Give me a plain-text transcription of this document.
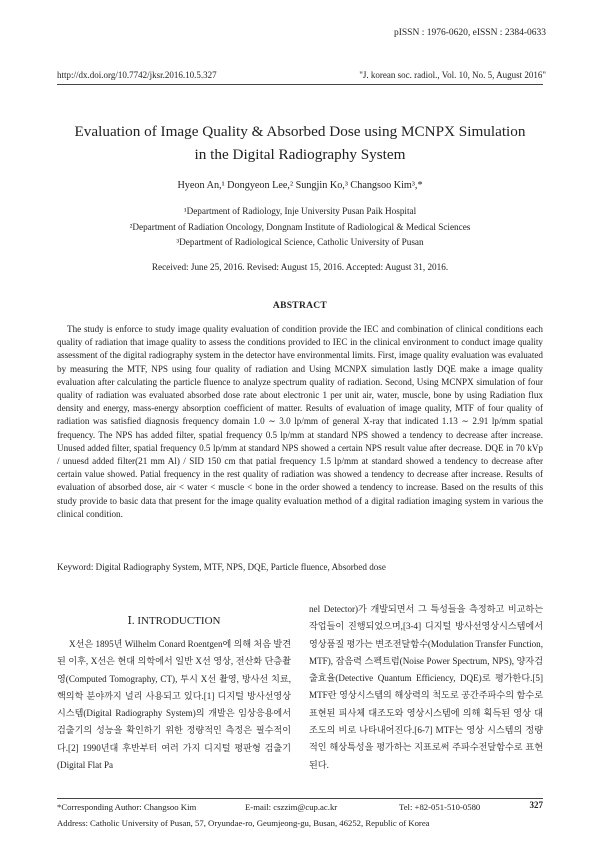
pISSN : 1976-0620, eISSN : 2384-0633
http://dx.doi.org/10.7742/jksr.2016.10.5.327	"J. korean soc. radiol., Vol. 10, No. 5, August 2016"
Evaluation of Image Quality & Absorbed Dose using MCNPX Simulation
in the Digital Radiography System
Hyeon An,¹ Dongyeon Lee,² Sungjin Ko,³ Changsoo Kim³,*
¹Department of Radiology, Inje University Pusan Paik Hospital
²Department of Radiation Oncology, Dongnam Institute of Radiological & Medical Sciences
³Department of Radiological Science, Catholic University of Pusan
Received: June 25, 2016. Revised: August 15, 2016. Accepted: August 31, 2016.
ABSTRACT

The study is enforce to study image quality evaluation of condition provide the IEC and combination of clinical conditions each quality of radiation that image quality to assess the conditions provided to IEC in the clinical environment to conduct image quality assessment of the digital radiography system in the detector have environmental limits. First, image quality evaluation was evaluated by measuring the MTF, NPS using four quality of radiation and Using MCNPX simulation lastly DQE make a image quality evaluation after calculating the particle fluence to analyze spectrum quality of radiation. Second, Using MCNPX simulation of four quality of radiation was evaluated absorbed dose rate about electronic 1 per unit air, water, muscle, bone by using Radiation flux density and energy, mass-energy absorption coefficient of matter. Results of evaluation of image quality, MTF of four quality of radiation was satisfied diagnosis frequency domain 1.0 ∼ 3.0 lp/mm of general X-ray that indicated 1.13 ∼ 2.91 lp/mm spatial frequency. The NPS has added filter, spatial frequency 0.5 lp/mm at standard NPS showed a tendency to decrease after increase. Unused added filter, spatial frequency 0.5 lp/mm at standard NPS showed a certain NPS result value after decrease. DQE in 70 kVp / unuesd added filter(21 mm Al) / SID 150 cm that patial frequency 1.5 lp/mm at standard showed a tendency to decrease after certain value showed. Patial frequency in the rest quality of radiation was showed a tendency to decrease after increase. Results of evaluation of absorbed dose, air < water < muscle < bone in the order showed a tendency to increase. Based on the results of this study provide to basic data that present for the image quality evaluation method of a digital radiation imaging system in various the clinical condition.

Keyword: Digital Radiography System, MTF, NPS, DQE, Particle fluence, Absorbed dose
Ⅰ. INTRODUCTION

X선은 1895년 Wilhelm Conard Roentgen에 의해 처음 발견된 이후, X선은 현대 의학에서 일반 X선 영상, 전산화 단층촬영(Computed Tomography, CT), 투시 X선 촬영, 방사선 치료, 핵의학 분야까지 널리 사용되고 있다.[1] 디지털 방사선영상시스템(Digital Radiography System)의 개발은 임상응용에서 검출기의 성능을 확인하기 위한 정량적인 측정은 필수적이다.[2] 1990년대 후반부터 여러 가지 디지털 평판형 검출기(Digital Flat Pa

nel Detector)가 개발되면서 그 특성들을 측정하고 비교하는 작업들이 진행되었으며,[3-4] 디지털 방사선영상시스템에서 영상품질 평가는 변조전달함수(Modulation Transfer Function, MTF), 잡음력 스펙트럼(Noise Power Spectrum, NPS), 양자검출효율(Detective Quantum Efficiency, DQE)로 평가한다.[5] MTF란 영상시스템의 해상력의 척도로 공간주파수의 함수로 표현된 피사체 대조도와 영상시스템에 의해 획득된 영상 대조도의 비로 나타내어진다.[6-7] MTF는 영상 시스템의 정량적인 해상특성을 평가하는 지표로써 주파수전달함수로 표현된다.

327
*Corresponding Author: Changsoo Kim	E-mail: cszzim@cup.ac.kr	Tel: +82-051-510-0580
Address: Catholic University of Pusan, 57, Oryundae-ro, Geumjeong-gu, Busan, 46252, Republic of Korea
